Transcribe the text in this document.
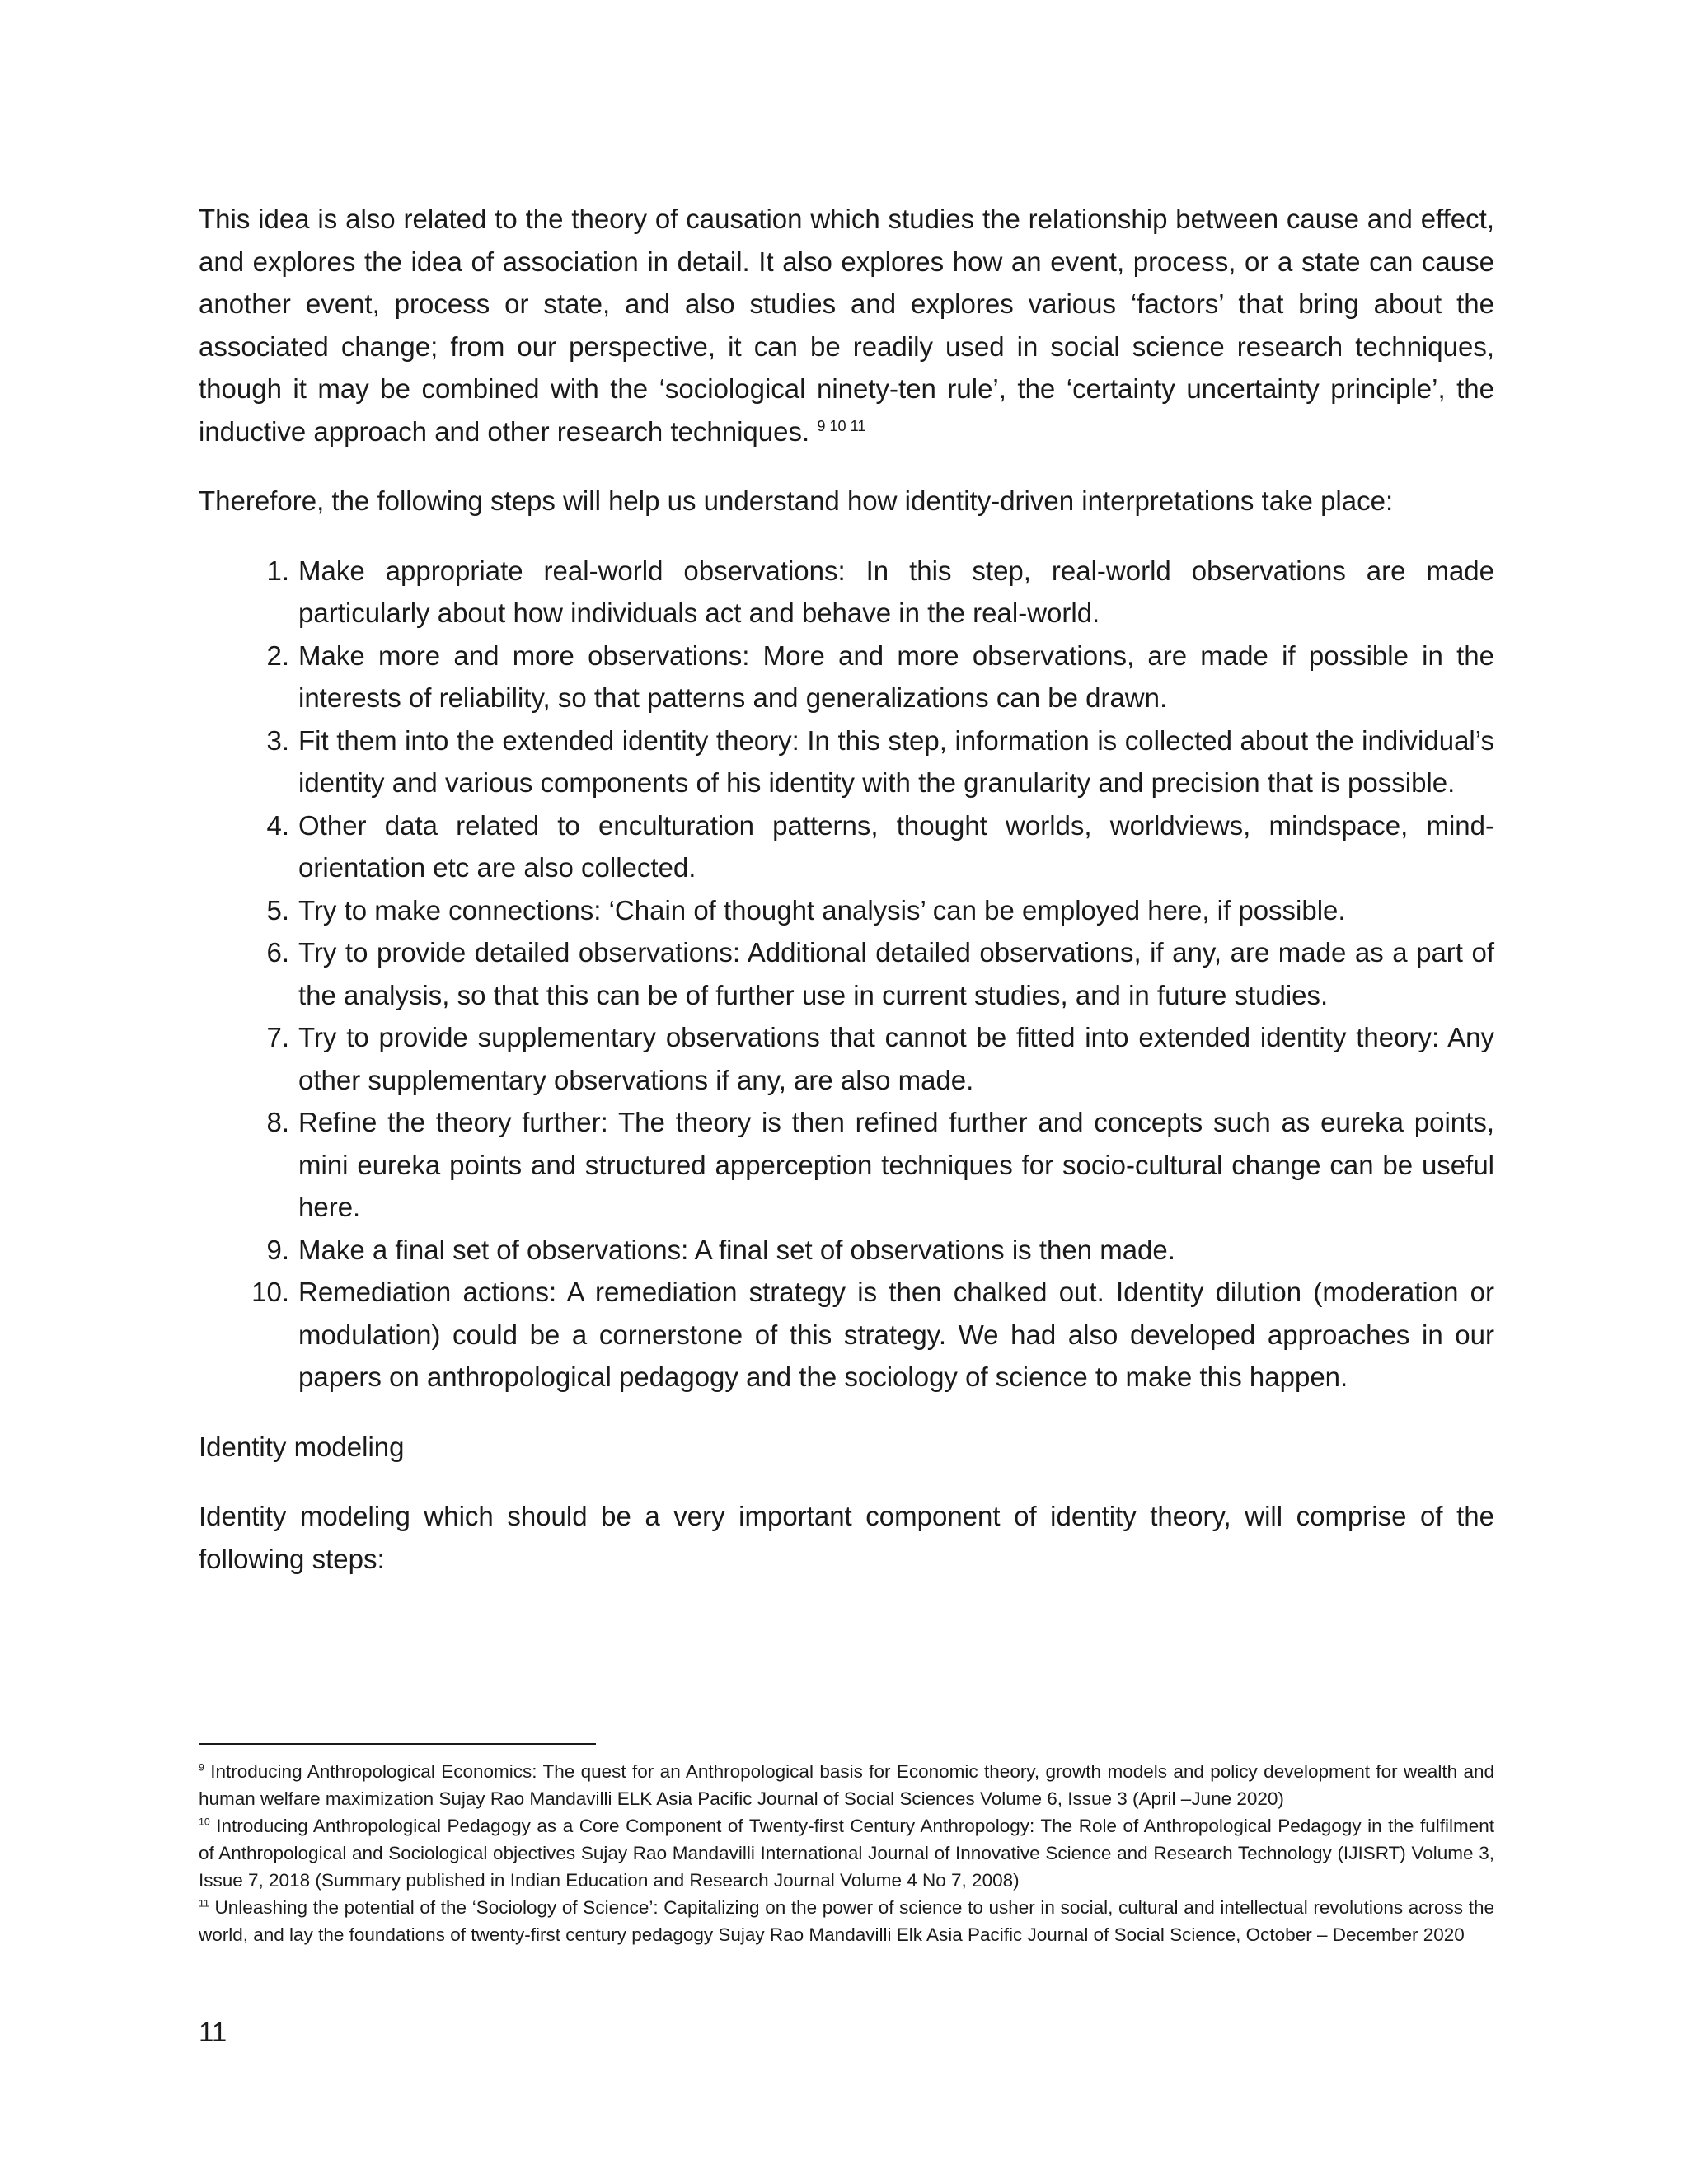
This idea is also related to the theory of causation which studies the relationship between cause and effect, and explores the idea of association in detail. It also explores how an event, process, or a state can cause another event, process or state, and also studies and explores various ‘factors’ that bring about the associated change; from our perspective, it can be readily used in social science research techniques, though it may be combined with the ‘sociological ninety-ten rule’, the ‘certainty uncertainty principle’, the inductive approach and other research techniques. $^{9 10 11}$

Therefore, the following steps will help us understand how identity-driven interpretations take place:

1. Make appropriate real-world observations: In this step, real-world observations are made particularly about how individuals act and behave in the real-world.
2. Make more and more observations: More and more observations, are made if possible in the interests of reliability, so that patterns and generalizations can be drawn.
3. Fit them into the extended identity theory: In this step, information is collected about the individual’s identity and various components of his identity with the granularity and precision that is possible.
4. Other data related to enculturation patterns, thought worlds, worldviews, mindspace, mind-orientation etc are also collected.
5. Try to make connections: ‘Chain of thought analysis’ can be employed here, if possible.
6. Try to provide detailed observations: Additional detailed observations, if any, are made as a part of the analysis, so that this can be of further use in current studies, and in future studies.
7. Try to provide supplementary observations that cannot be fitted into extended identity theory: Any other supplementary observations if any, are also made.
8. Refine the theory further: The theory is then refined further and concepts such as eureka points, mini eureka points and structured apperception techniques for socio-cultural change can be useful here.
9. Make a final set of observations: A final set of observations is then made.
10. Remediation actions: A remediation strategy is then chalked out. Identity dilution (moderation or modulation) could be a cornerstone of this strategy. We had also developed approaches in our papers on anthropological pedagogy and the sociology of science to make this happen.

Identity modeling

Identity modeling which should be a very important component of identity theory, will comprise of the following steps:

$^9$ Introducing Anthropological Economics: The quest for an Anthropological basis for Economic theory, growth models and policy development for wealth and human welfare maximization Sujay Rao Mandavilli ELK Asia Pacific Journal of Social Sciences Volume 6, Issue 3 (April –June 2020)

$^{10}$ Introducing Anthropological Pedagogy as a Core Component of Twenty-first Century Anthropology: The Role of Anthropological Pedagogy in the fulfilment of Anthropological and Sociological objectives Sujay Rao Mandavilli International Journal of Innovative Science and Research Technology (IJISRT) Volume 3, Issue 7, 2018 (Summary published in Indian Education and Research Journal Volume 4 No 7, 2008)

$^{11}$ Unleashing the potential of the ‘Sociology of Science’: Capitalizing on the power of science to usher in social, cultural and intellectual revolutions across the world, and lay the foundations of twenty-first century pedagogy Sujay Rao Mandavilli Elk Asia Pacific Journal of Social Science, October – December 2020

11
